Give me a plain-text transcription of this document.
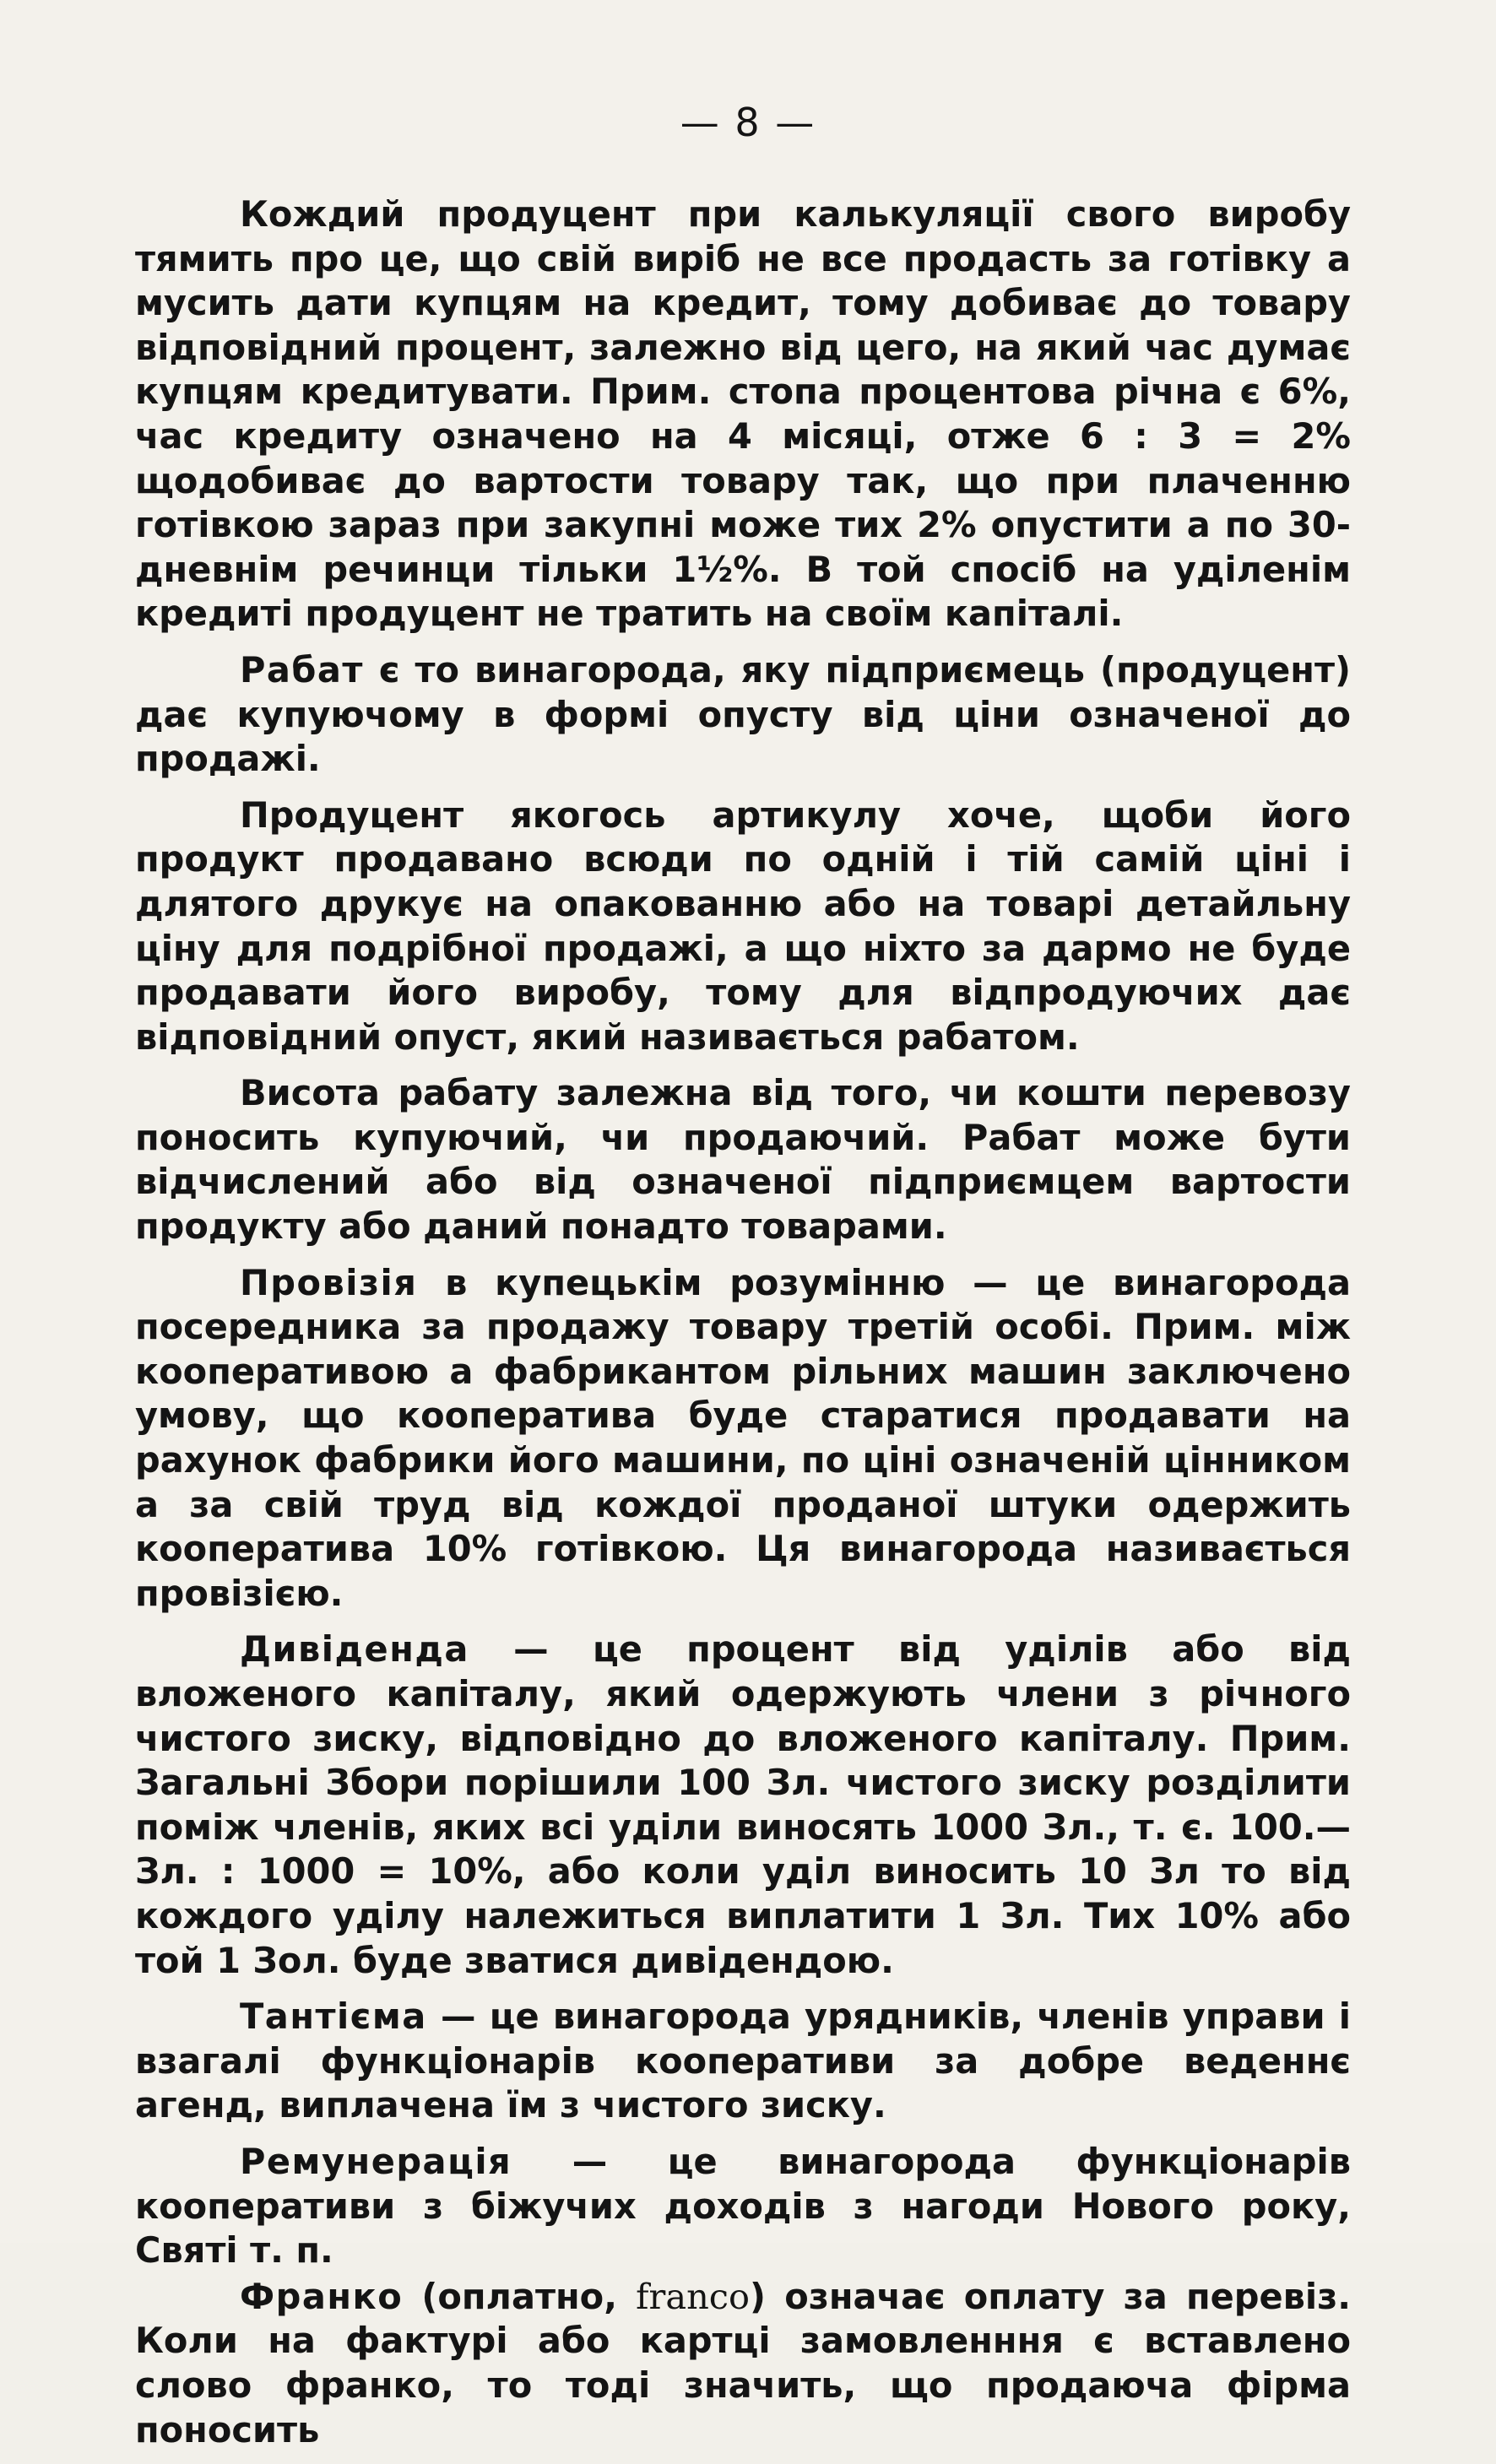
— 8 —

Кождий продуцент при калькуляції свого виробу тямить про це, що свій виріб не все продасть за готівку а мусить дати купцям на кредит, тому добиває до товару відповідний процент, залежно від цего, на який час думає купцям кредитувати. Прим. стопа процентова річна є 6%, час кредиту означено на 4 місяці, отже 6 : 3 = 2% щодобиває до вартости товару так, що при плаченню готівкою зараз при закупні може тих 2% опустити а по 30-дневнім речинци тільки 1½%. В той спосіб на уділенім кредиті продуцент не тратить на своїм капіталі.

Рабат є то винагорода, яку підприємець (продуцент) дає купуючому в формі опусту від ціни означеної до продажі.

Продуцент якогось артикулу хоче, щоби його продукт продавано всюди по одній і тій самій ціні і длятого друкує на опакованню або на товарі детайльну ціну для подрібної продажі, а що ніхто за дармо не буде продавати його виробу, тому для відпродуючих дає відповідний опуст, який називається рабатом.

Висота рабату залежна від того, чи кошти перевозу поносить купуючий, чи продаючий. Рабат може бути відчислений або від означеної підприємцем вартости продукту або даний понадто товарами.

Провізія в купецькім розумінню — це винагорода посередника за продажу товару третій особі. Прим. між кооперативою а фабрикантом рільних машин заключено умову, що кооператива буде старатися продавати на рахунок фабрики його машини, по ціні означеній цінником а за свій труд від кождої проданої штуки одержить кооператива 10% готівкою. Ця винагорода називається провізією.

Дивіденда — це процент від уділів або від вложеного капіталу, який одержують члени з річного чистого зиску, відповідно до вложеного капіталу. Прим. Загальні Збори порішили 100 Зл. чистого зиску розділити поміж членів, яких всі уділи виносять 1000 Зл., т. є. 100.— Зл. : 1000 = 10%, або коли уділ виносить 10 Зл то від кождого уділу належиться виплатити 1 Зл. Тих 10% або той 1 Зол. буде зватися дивідендою.

Тантієма — це винагорода урядників, членів управи і взагалі функціонарів кооперативи за добре веденнє агенд, виплачена їм з чистого зиску.

Ремунерація — це винагорода функціонарів кооперативи з біжучих доходів з нагоди Нового року, Святі т. п.

Франко (оплатно, franco) означає оплату за перевіз. Коли на фактурі або картці замовленння є вставлено слово франко, то тоді значить, що продаюча фірма поносить
